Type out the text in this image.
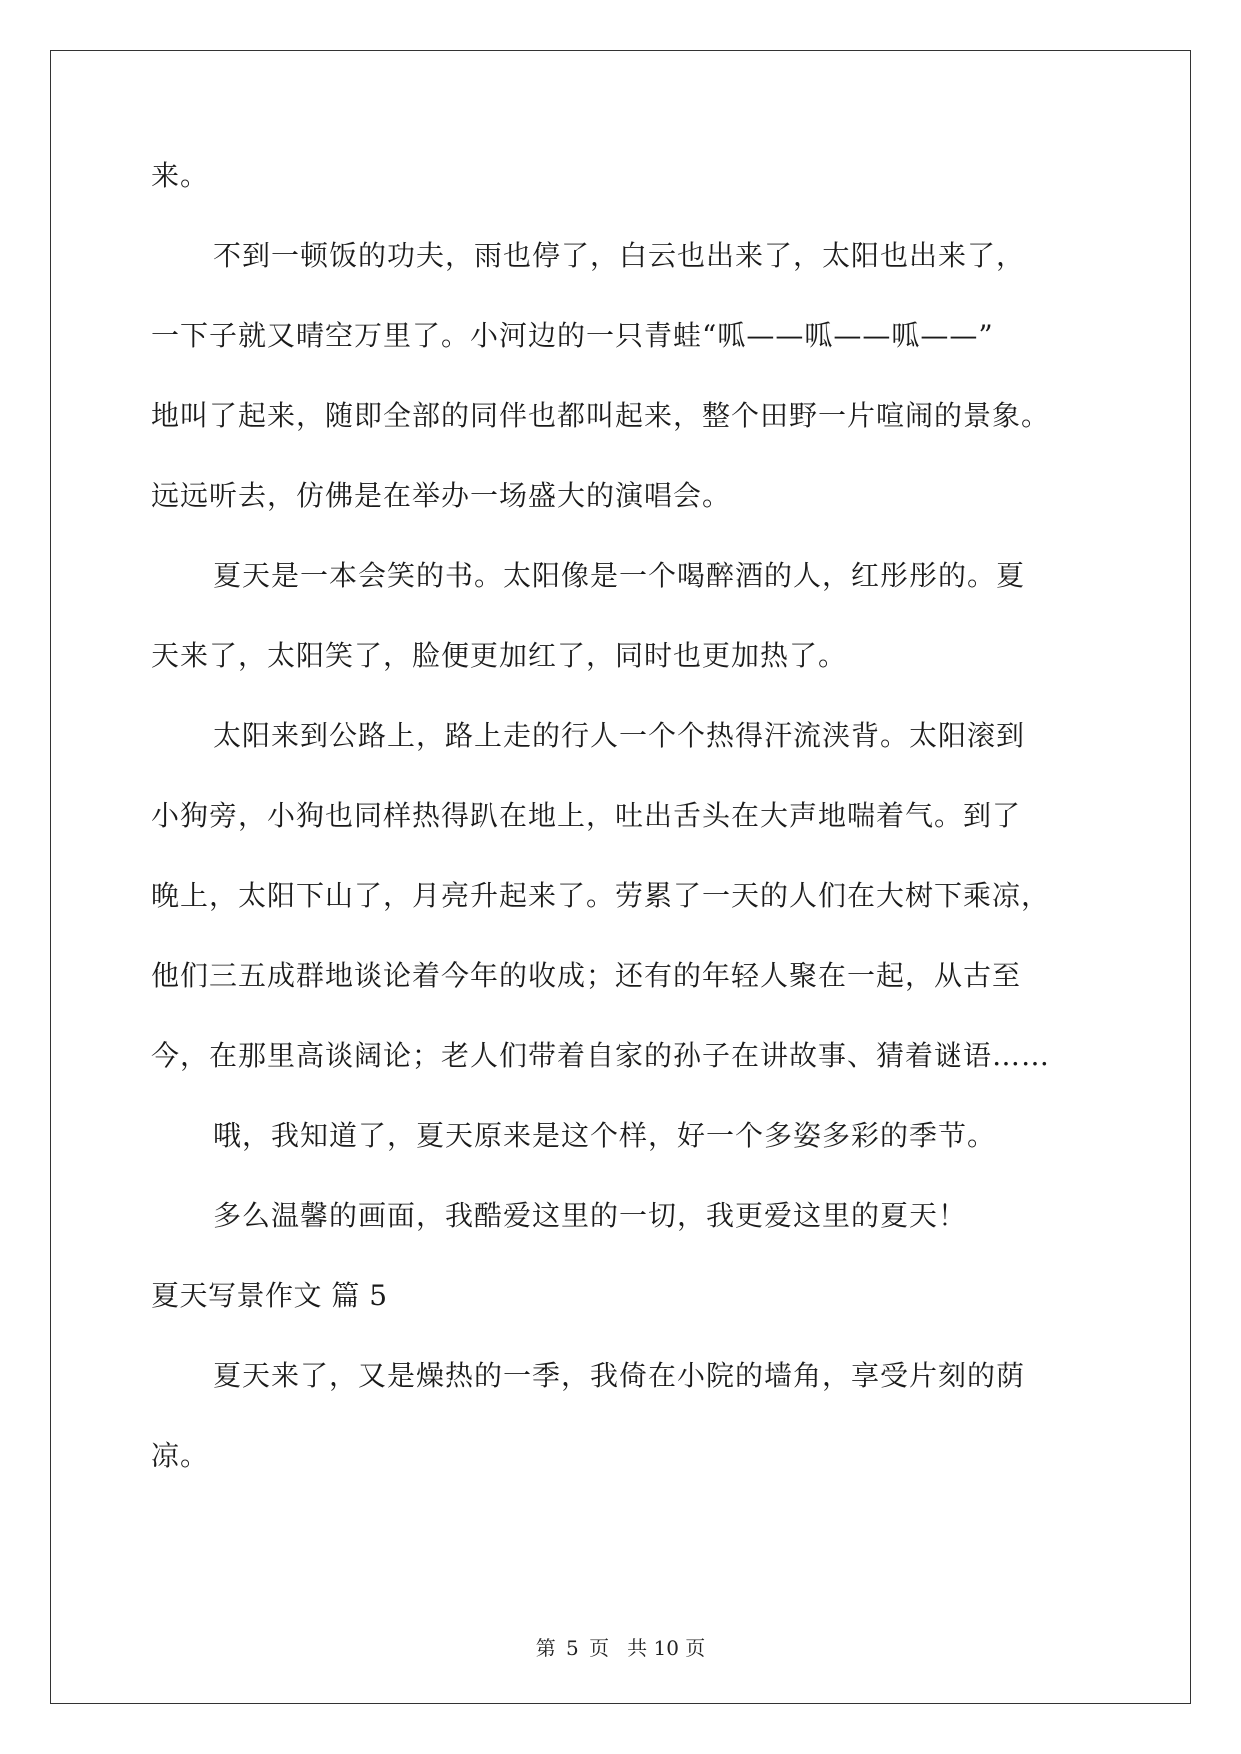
来。
不到一顿饭的功夫，雨也停了，白云也出来了，太阳也出来了，
一下子就又晴空万里了。小河边的一只青蛙“呱——呱——呱——”
地叫了起来，随即全部的同伴也都叫起来，整个田野一片喧闹的景象。
远远听去，仿佛是在举办一场盛大的演唱会。
夏天是一本会笑的书。太阳像是一个喝醉酒的人，红彤彤的。夏
天来了，太阳笑了，脸便更加红了，同时也更加热了。
太阳来到公路上，路上走的行人一个个热得汗流浃背。太阳滚到
小狗旁，小狗也同样热得趴在地上，吐出舌头在大声地喘着气。到了
晚上，太阳下山了，月亮升起来了。劳累了一天的人们在大树下乘凉，
他们三五成群地谈论着今年的收成；还有的年轻人聚在一起，从古至
今，在那里高谈阔论；老人们带着自家的孙子在讲故事、猜着谜语……
哦，我知道了，夏天原来是这个样，好一个多姿多彩的季节。
多么温馨的画面，我酷爱这里的一切，我更爱这里的夏天！
夏天写景作文 篇 5
夏天来了，又是燥热的一季，我倚在小院的墙角，享受片刻的荫
凉。
第 5 页 共 10 页
